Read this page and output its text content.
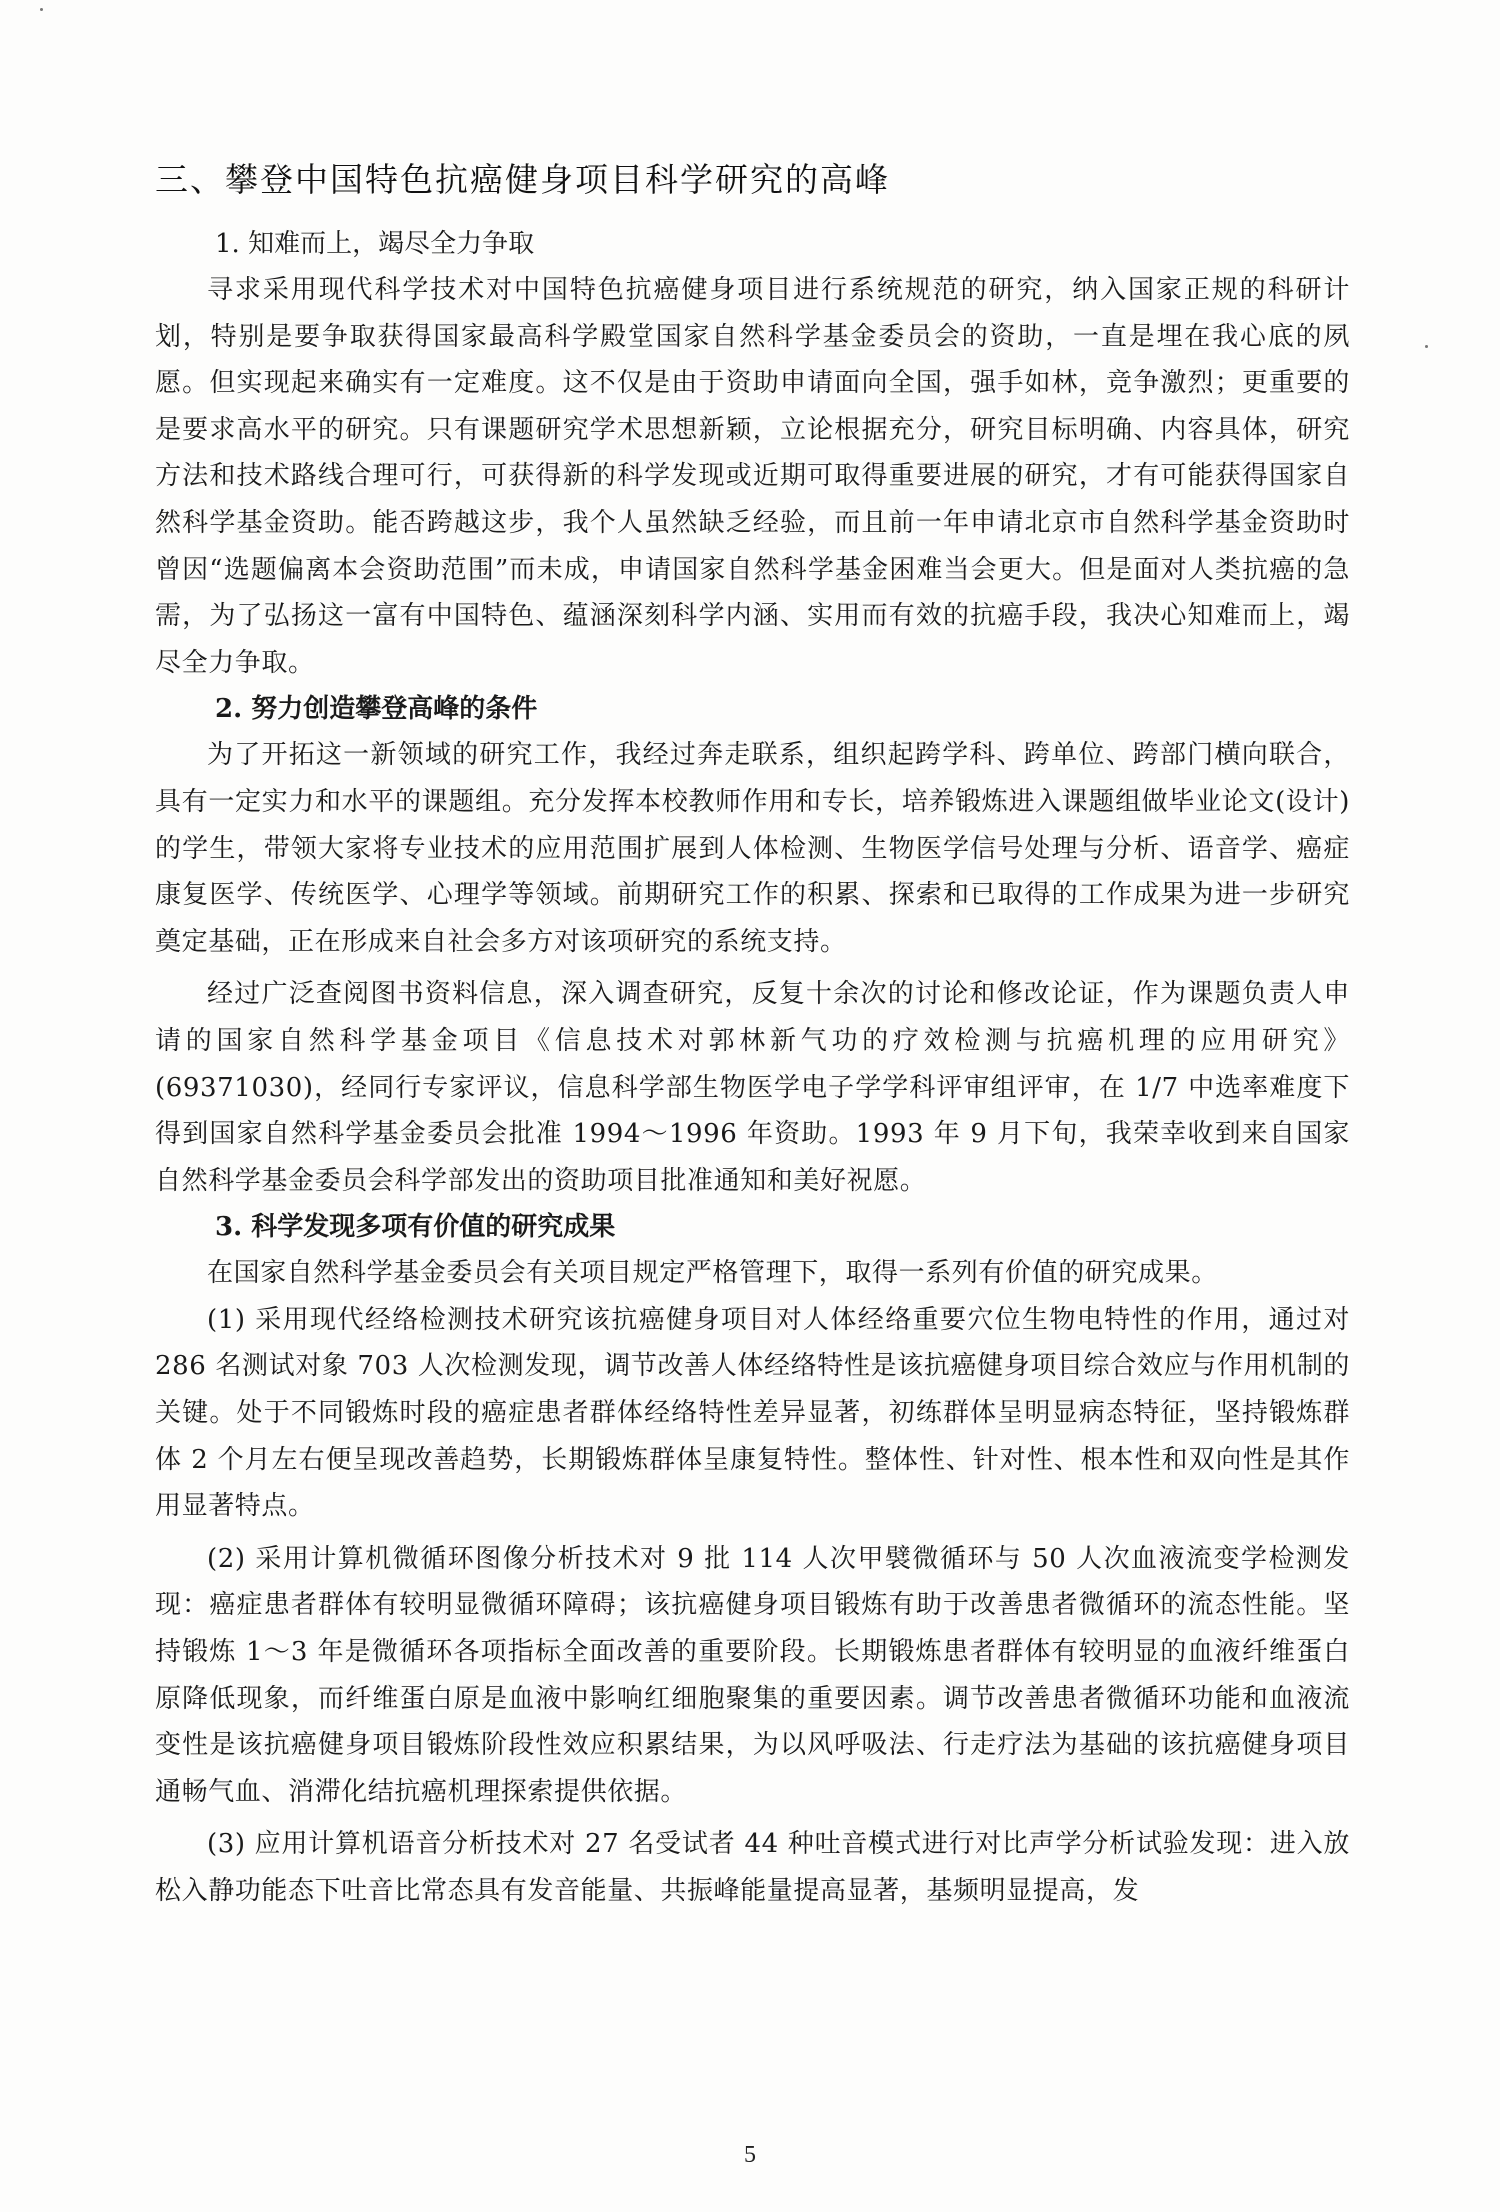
三、攀登中国特色抗癌健身项目科学研究的高峰
1. 知难而上，竭尽全力争取

寻求采用现代科学技术对中国特色抗癌健身项目进行系统规范的研究，纳入国家正规的科研计划，特别是要争取获得国家最高科学殿堂国家自然科学基金委员会的资助，一直是埋在我心底的夙愿。但实现起来确实有一定难度。这不仅是由于资助申请面向全国，强手如林，竞争激烈；更重要的是要求高水平的研究。只有课题研究学术思想新颖，立论根据充分，研究目标明确、内容具体，研究方法和技术路线合理可行，可获得新的科学发现或近期可取得重要进展的研究，才有可能获得国家自然科学基金资助。能否跨越这步，我个人虽然缺乏经验，而且前一年申请北京市自然科学基金资助时曾因“选题偏离本会资助范围”而未成，申请国家自然科学基金困难当会更大。但是面对人类抗癌的急需，为了弘扬这一富有中国特色、蕴涵深刻科学内涵、实用而有效的抗癌手段，我决心知难而上，竭尽全力争取。

2. 努力创造攀登高峰的条件

为了开拓这一新领域的研究工作，我经过奔走联系，组织起跨学科、跨单位、跨部门横向联合，具有一定实力和水平的课题组。充分发挥本校教师作用和专长，培养锻炼进入课题组做毕业论文(设计)的学生，带领大家将专业技术的应用范围扩展到人体检测、生物医学信号处理与分析、语音学、癌症康复医学、传统医学、心理学等领域。前期研究工作的积累、探索和已取得的工作成果为进一步研究奠定基础，正在形成来自社会多方对该项研究的系统支持。

经过广泛查阅图书资料信息，深入调查研究，反复十余次的讨论和修改论证，作为课题负责人申请的国家自然科学基金项目《信息技术对郭林新气功的疗效检测与抗癌机理的应用研究》(69371030)，经同行专家评议，信息科学部生物医学电子学学科评审组评审，在 1/7 中选率难度下得到国家自然科学基金委员会批准 1994～1996 年资助。1993 年 9 月下旬，我荣幸收到来自国家自然科学基金委员会科学部发出的资助项目批准通知和美好祝愿。

3. 科学发现多项有价值的研究成果

在国家自然科学基金委员会有关项目规定严格管理下，取得一系列有价值的研究成果。

(1) 采用现代经络检测技术研究该抗癌健身项目对人体经络重要穴位生物电特性的作用，通过对 286 名测试对象 703 人次检测发现，调节改善人体经络特性是该抗癌健身项目综合效应与作用机制的关键。处于不同锻炼时段的癌症患者群体经络特性差异显著，初练群体呈明显病态特征，坚持锻炼群体 2 个月左右便呈现改善趋势，长期锻炼群体呈康复特性。整体性、针对性、根本性和双向性是其作用显著特点。

(2) 采用计算机微循环图像分析技术对 9 批 114 人次甲襞微循环与 50 人次血液流变学检测发现：癌症患者群体有较明显微循环障碍；该抗癌健身项目锻炼有助于改善患者微循环的流态性能。坚持锻炼 1～3 年是微循环各项指标全面改善的重要阶段。长期锻炼患者群体有较明显的血液纤维蛋白原降低现象，而纤维蛋白原是血液中影响红细胞聚集的重要因素。调节改善患者微循环功能和血液流变性是该抗癌健身项目锻炼阶段性效应积累结果，为以风呼吸法、行走疗法为基础的该抗癌健身项目通畅气血、消滞化结抗癌机理探索提供依据。

(3) 应用计算机语音分析技术对 27 名受试者 44 种吐音模式进行对比声学分析试验发现：进入放松入静功能态下吐音比常态具有发音能量、共振峰能量提高显著，基频明显提高，发

5
